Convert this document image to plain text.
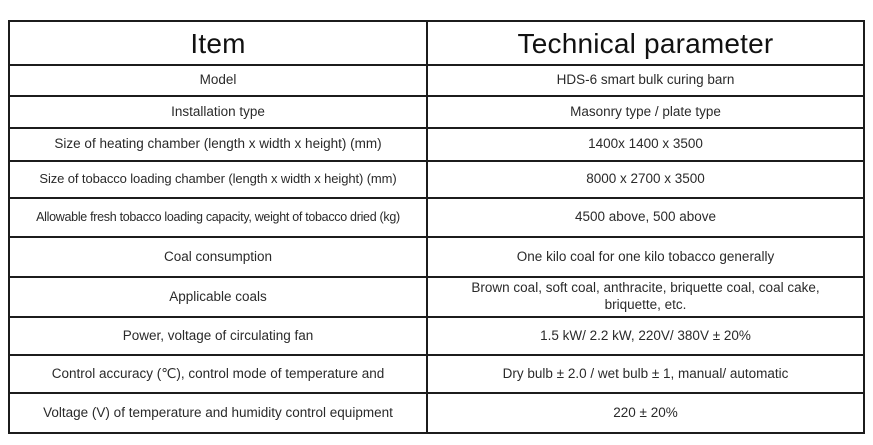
Item	Technical parameter
Model	HDS-6 smart bulk curing barn
Installation type	Masonry type / plate type
Size of heating chamber (length x width x height) (mm)	1400x 1400 x 3500
Size of tobacco loading chamber (length x width x height) (mm)	8000 x 2700 x 3500
Allowable fresh tobacco loading capacity, weight of tobacco dried (kg)	4500 above, 500 above
Coal consumption	One kilo coal for one kilo tobacco generally
Applicable coals	Brown coal, soft coal, anthracite, briquette coal, coal cake, briquette, etc.
Power, voltage of circulating fan	1.5 kW/ 2.2 kW, 220V/ 380V ± 20%
Control accuracy (℃), control mode of temperature and	Dry bulb ± 2.0 / wet bulb ± 1, manual/ automatic
Voltage (V) of temperature and humidity control equipment	220 ± 20%
